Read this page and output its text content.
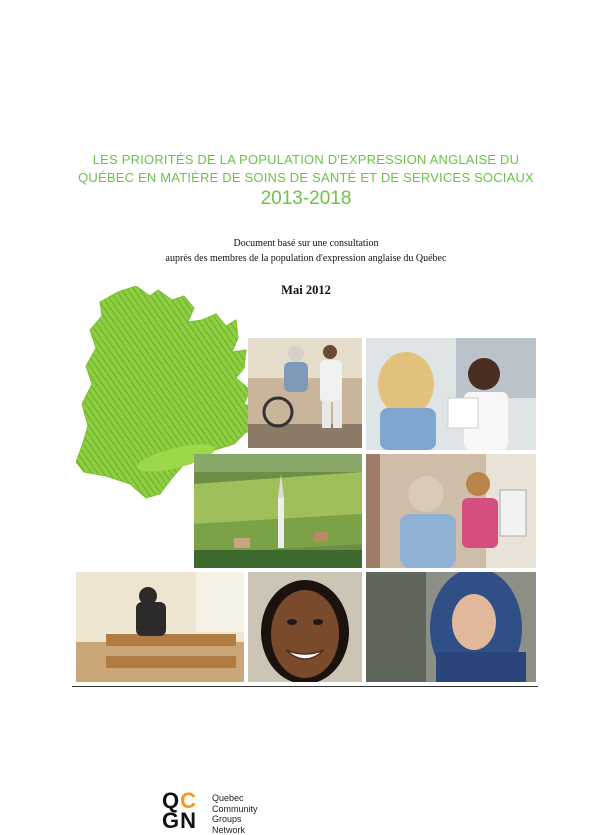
LES PRIORITÉS DE LA POPULATION D'EXPRESSION ANGLAISE DU
QUÉBEC EN MATIÈRE DE SOINS DE SANTÉ ET DE SERVICES SOCIAUX
2013-2018
Document basé sur une consultation
auprès des membres de la population d'expression anglaise du Québec
Mai 2012
QC
GN
Quebec
Community
Groups
Network
